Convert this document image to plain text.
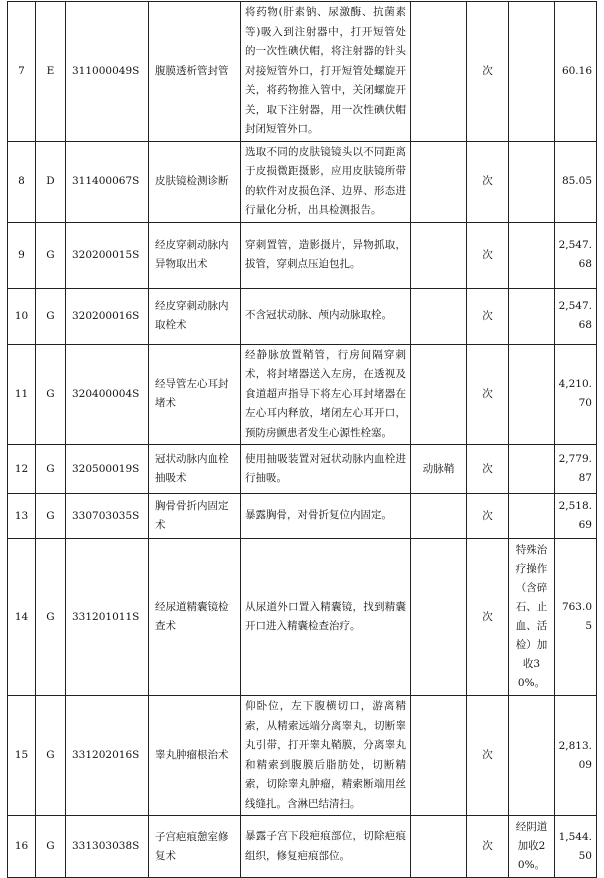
7	E	311000049S	腹膜透析管封管	将药物(肝素钠、尿激酶、抗菌素等)吸入到注射器中，打开短管处的一次性碘伏帽，将注射器的针头对接短管外口，打开短管处螺旋开关，将药物推入管中，关闭螺旋开关，取下注射器，用一次性碘伏帽封闭短管外口。		次		60.16
8	D	311400067S	皮肤镜检测诊断	选取不同的皮肤镜镜头以不同距离于皮损微距摄影，应用皮肤镜所带的软件对皮损色泽、边界、形态进行量化分析，出具检测报告。		次		85.05
9	G	320200015S	经皮穿刺动脉内异物取出术	穿刺置管，造影摄片，异物抓取，拔管，穿刺点压迫包扎。		次		2,547.68
10	G	320200016S	经皮穿刺动脉内取栓术	不含冠状动脉、颅内动脉取栓。		次		2,547.68
11	G	320400004S	经导管左心耳封堵术	经静脉放置鞘管，行房间隔穿刺术，将封堵器送入左房，在透视及食道超声指导下将左心耳封堵器在左心耳内释放，堵闭左心耳开口，预防房颤患者发生心源性栓塞。		次		4,210.70
12	G	320500019S	冠状动脉内血栓抽吸术	使用抽吸装置对冠状动脉内血栓进行抽吸。	动脉鞘	次		2,779.87
13	G	330703035S	胸骨骨折内固定术	暴露胸骨，对骨折复位内固定。		次		2,518.69
14	G	331201011S	经尿道精囊镜检查术	从尿道外口置入精囊镜，找到精囊开口进入精囊检查治疗。		次	特殊治疗操作（含碎石、止血、活检）加收30%。	763.05
15	G	331202016S	睾丸肿瘤根治术	仰卧位，左下腹横切口，游离精索，从精索远端分离睾丸，切断睾丸引带，打开睾丸鞘膜，分离睾丸和精索到腹膜后脂肪处，切断精索，切除睾丸肿瘤，精索断端用丝线缝扎。含淋巴结清扫。		次		2,813.09
16	G	331303038S	子宫疤痕憩室修复术	暴露子宫下段疤痕部位，切除疤痕组织，修复疤痕部位。		次	经阴道加收20%。	1,544.50
